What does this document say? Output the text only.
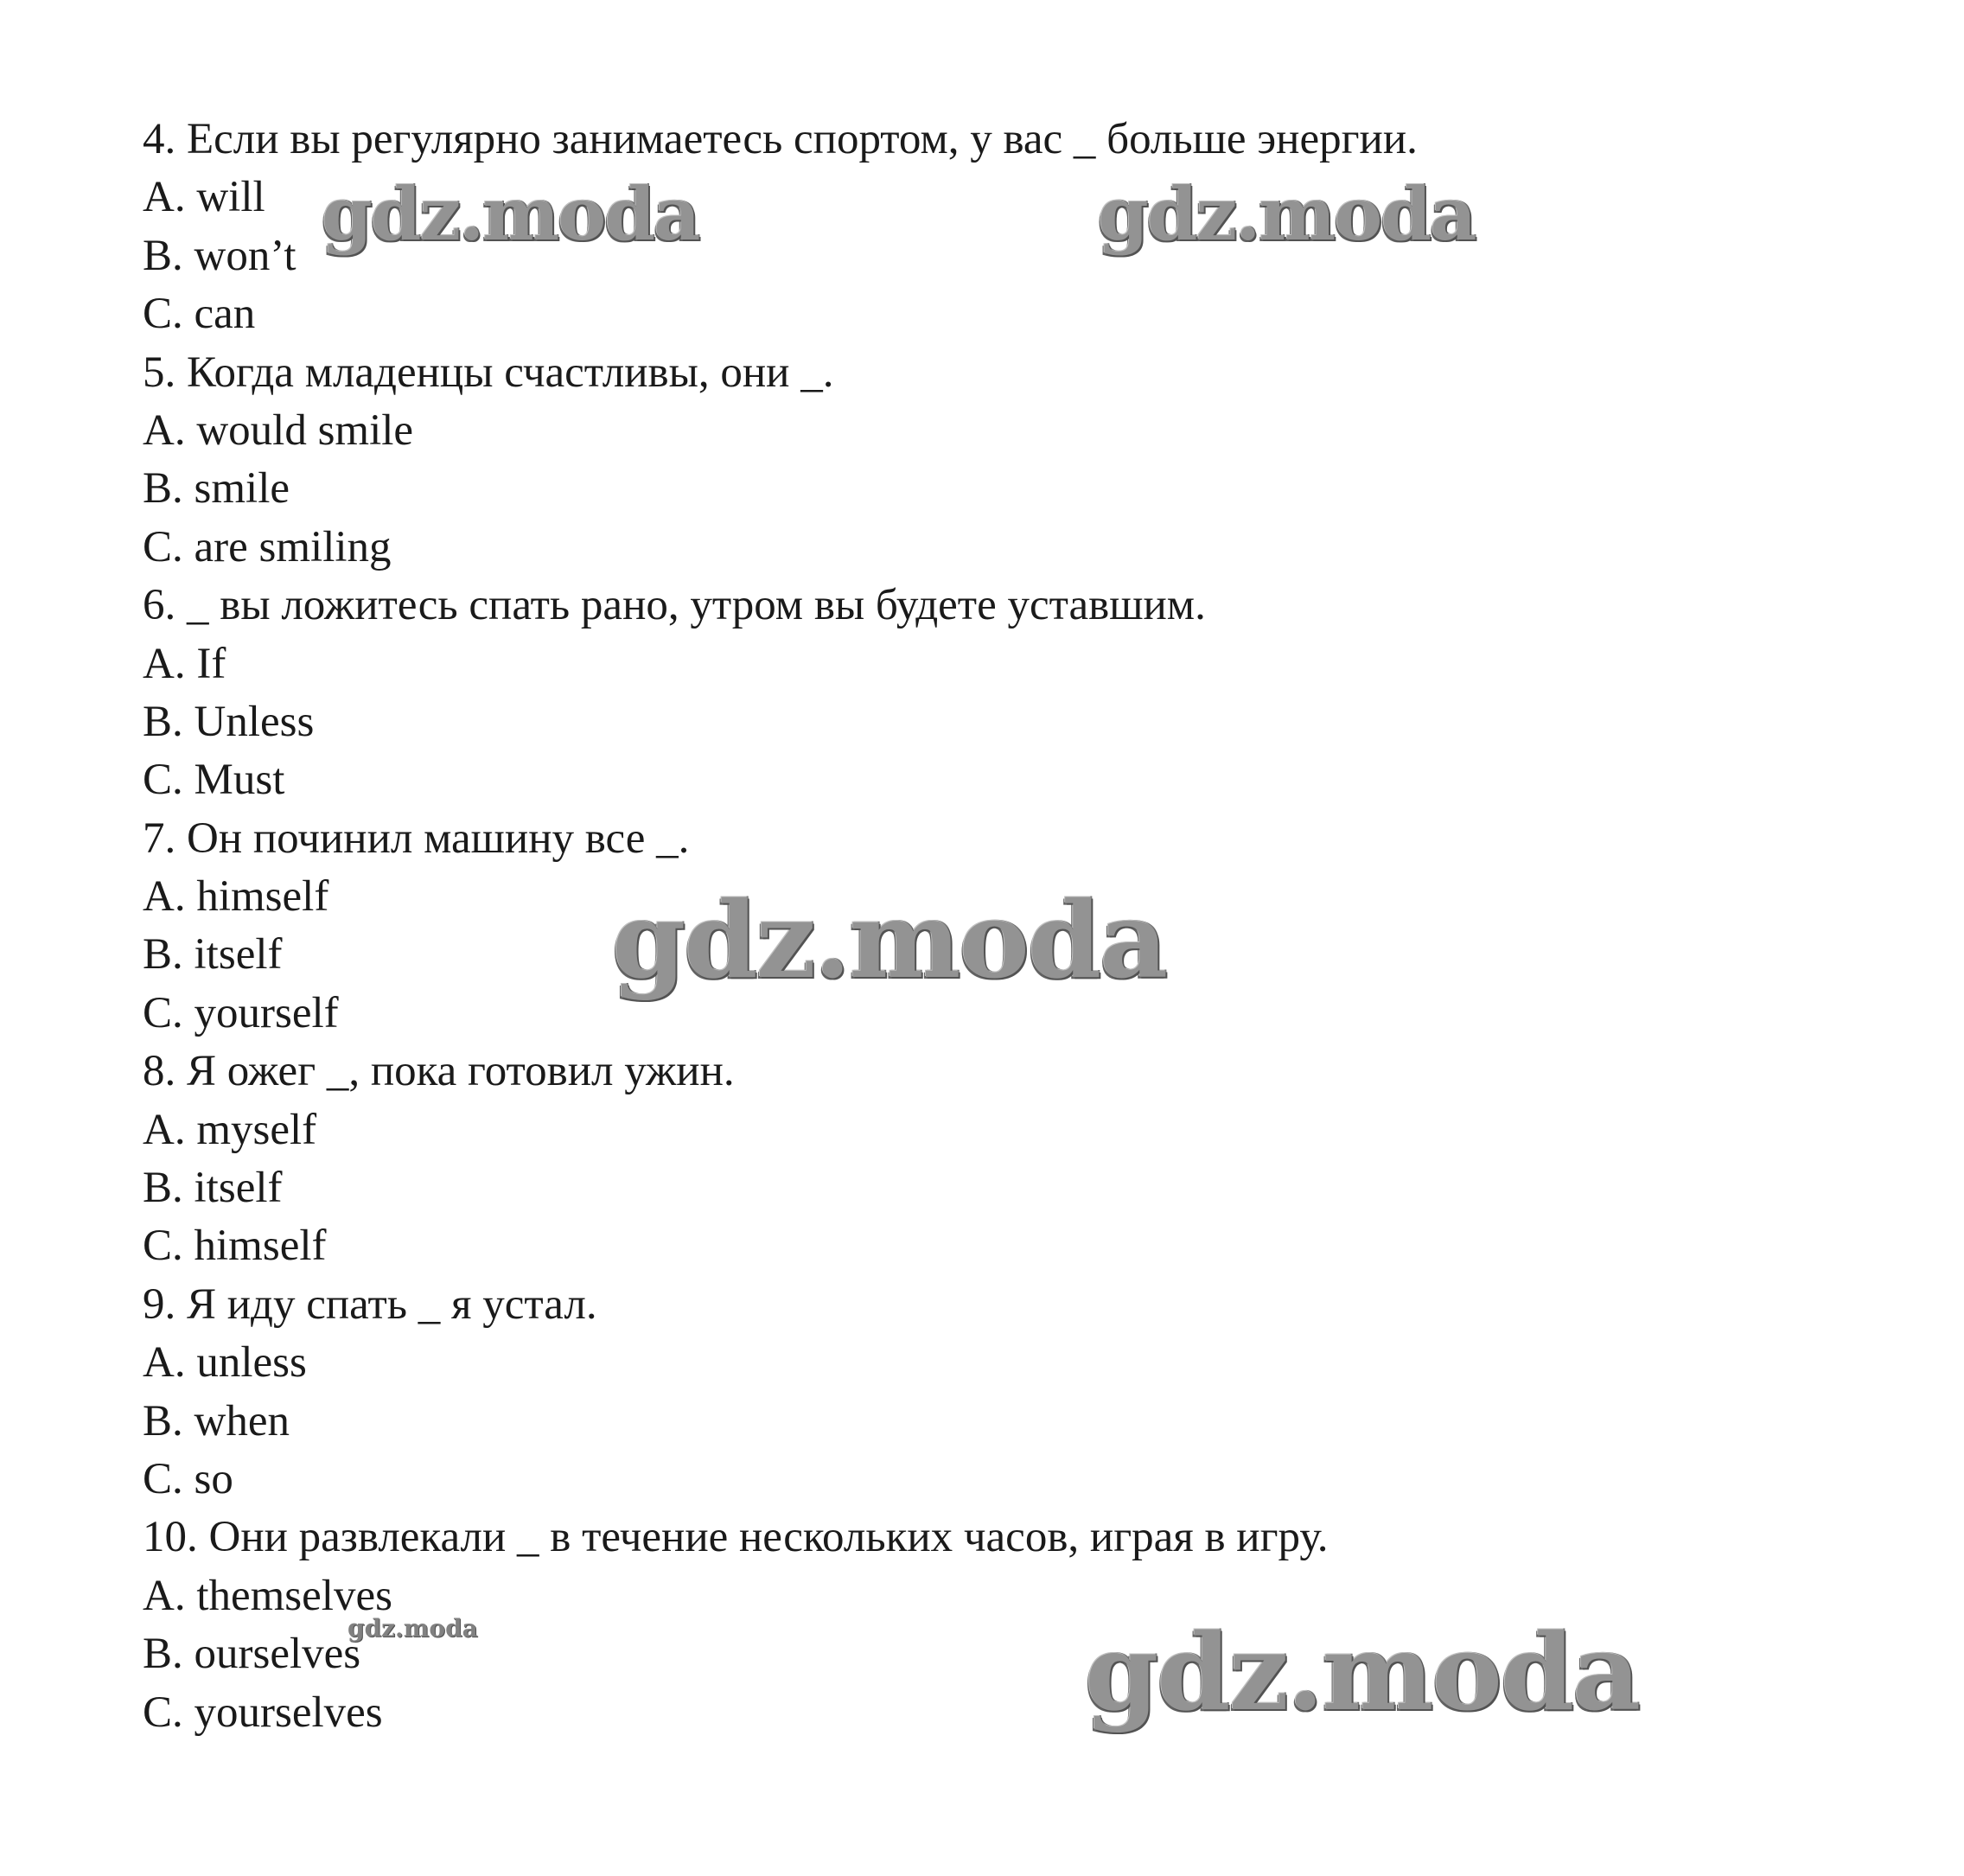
4. Если вы регулярно занимаетесь спортом, у вас _ больше энергии.
A. will
B. won’t
C. can
5. Когда младенцы счастливы, они _.
A. would smile
B. smile
C. are smiling
6. _ вы ложитесь спать рано, утром вы будете уставшим.
A. If
B. Unless
C. Must
7. Он починил машину все _.
A. himself
B. itself
C. yourself
8. Я ожег _, пока готовил ужин.
A. myself
B. itself
C. himself
9. Я иду спать _ я устал.
A. unless
B. when
C. so
10. Они развлекали _ в течение нескольких часов, играя в игру.
A. themselves
B. ourselves
C. yourselves
gdz.moda	gdz.moda
gdz.moda
gdz.moda
gdz.moda
